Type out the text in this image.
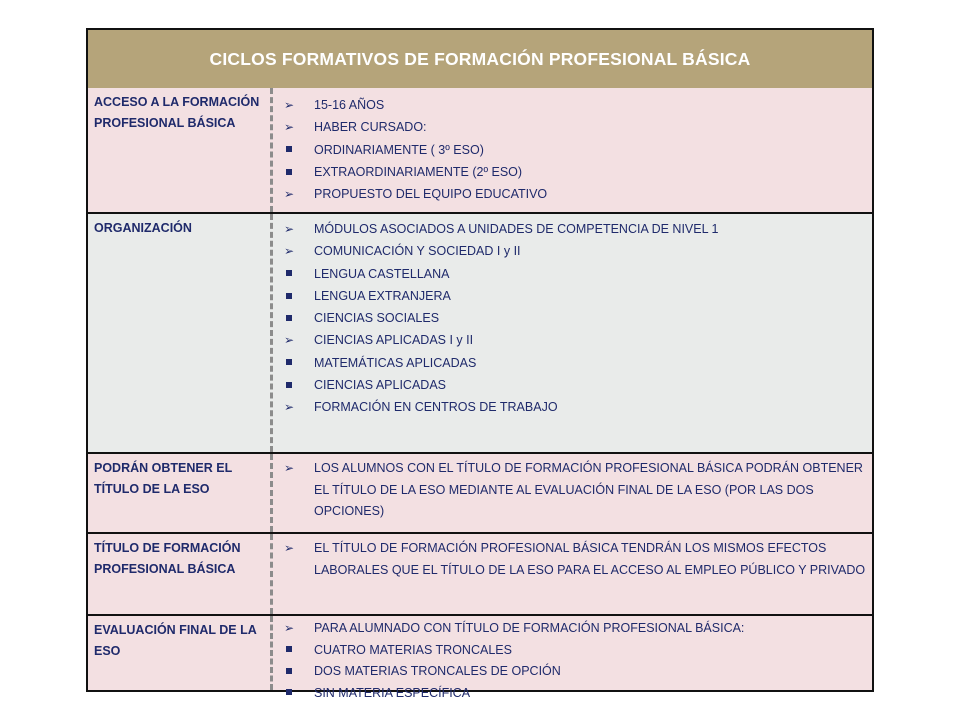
CICLOS FORMATIVOS DE FORMACIÓN PROFESIONAL BÁSICA
ACCESO A LA FORMACIÓN PROFESIONAL BÁSICA
➢
15-16 AÑOS
➢
HABER CURSADO:
ORDINARIAMENTE ( 3º ESO)
EXTRAORDINARIAMENTE (2º ESO)
➢
PROPUESTO DEL EQUIPO EDUCATIVO
ORGANIZACIÓN
➢	MÓDULOS ASOCIADOS A UNIDADES DE COMPETENCIA DE NIVEL 1
➢
COMUNICACIÓN Y SOCIEDAD I y II
LENGUA CASTELLANA
LENGUA EXTRANJERA
CIENCIAS SOCIALES
➢
CIENCIAS APLICADAS I y II
MATEMÁTICAS APLICADAS
CIENCIAS APLICADAS
➢
FORMACIÓN EN CENTROS DE TRABAJO
PODRÁN OBTENER EL TÍTULO DE LA ESO
➢
LOS ALUMNOS CON EL TÍTULO DE FORMACIÓN PROFESIONAL BÁSICA PODRÁN OBTENER EL TÍTULO DE LA ESO MEDIANTE AL EVALUACIÓN FINAL DE LA ESO (POR LAS DOS OPCIONES)
TÍTULO DE FORMACIÓN PROFESIONAL BÁSICA
➢
EL TÍTULO DE FORMACIÓN PROFESIONAL BÁSICA TENDRÁN LOS MISMOS EFECTOS LABORALES QUE EL TÍTULO DE LA ESO PARA EL ACCESO AL EMPLEO PÚBLICO Y PRIVADO
EVALUACIÓN FINAL DE LA ESO
➢
PARA ALUMNADO CON TÍTULO DE FORMACIÓN PROFESIONAL BÁSICA:
CUATRO MATERIAS TRONCALES
DOS MATERIAS TRONCALES DE OPCIÓN
SIN MATERIA ESPECÍFICA
